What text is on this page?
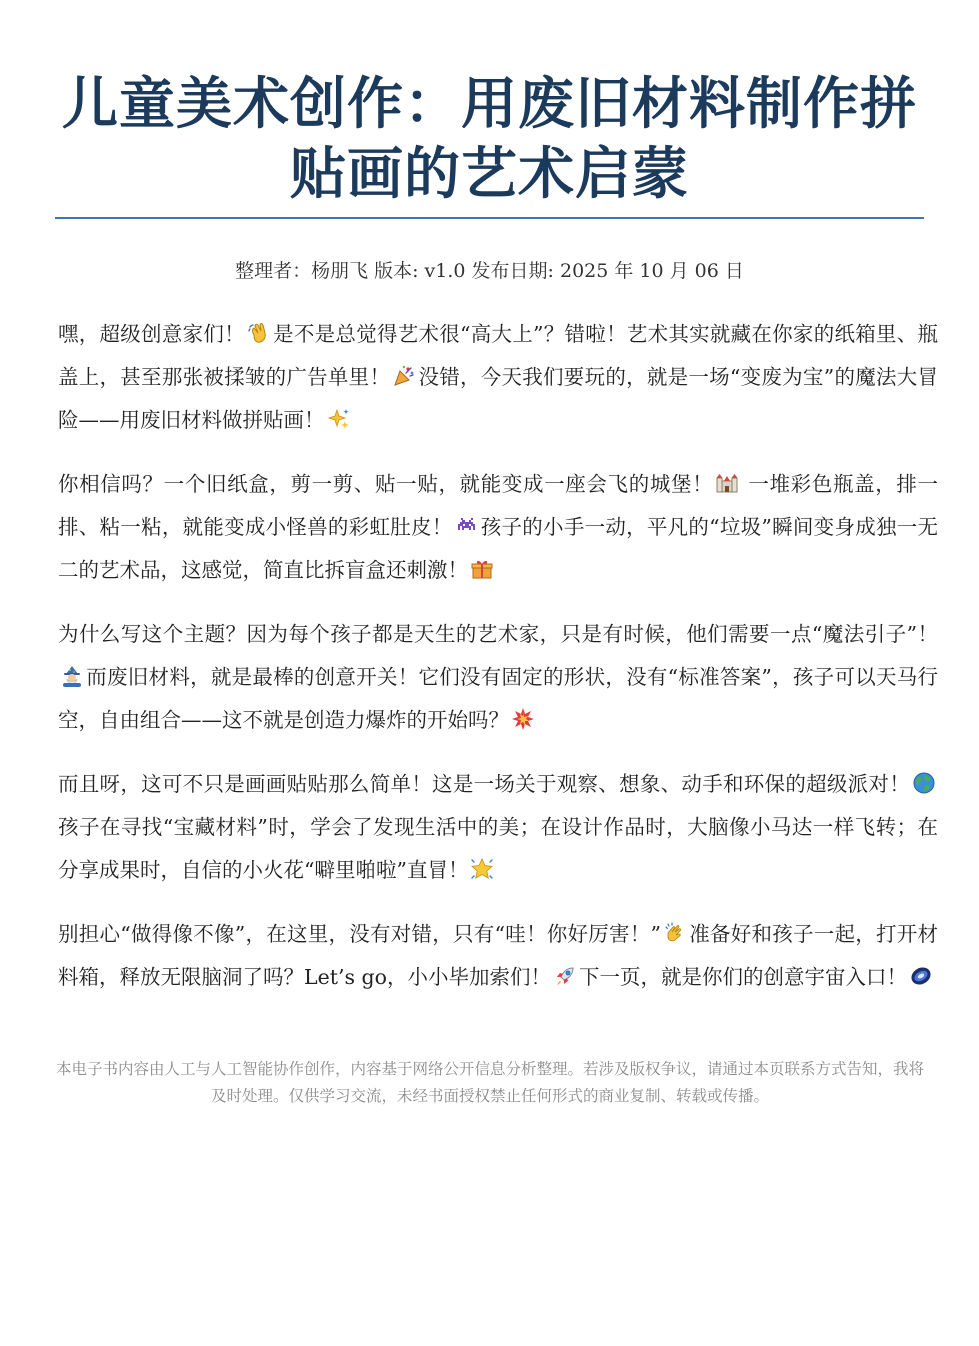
儿童美术创作：用废旧材料制作拼贴画的艺术启蒙
整理者：杨朋飞 版本: v1.0 发布日期: 2025 年 10 月 06 日

嘿，超级创意家们！ 是不是总觉得艺术很“高大上”？错啦！艺术其实就藏在你家的纸箱里、瓶盖上，甚至那张被揉皱的广告单里！ 没错，今天我们要玩的，就是一场“变废为宝”的魔法大冒险——用废旧材料做拼贴画！

你相信吗？一个旧纸盒，剪一剪、贴一贴，就能变成一座会飞的城堡！
一堆彩色瓶盖，排一排、粘一粘，就能变成小怪兽的彩虹肚皮！ 孩子的小手一动，平凡的“垃圾”瞬间变身成独一无二的艺术品，这感觉，简直比拆盲盒还刺激！

为什么写这个主题？因为每个孩子都是天生的艺术家，只是有时候，他们需要一点“魔法引子”！
而废旧材料，就是最棒的创意开关！它们没有固定的形状，没有“标准答案”，孩子可以天马行空，自由组合——这不就是创造力爆炸的开始吗？

而且呀，这可不只是画画贴贴那么简单！这是一场关于观察、想象、动手和环保的超级派对！
孩子在寻找“宝藏材料”时，学会了发现生活中的美；在设计作品时，大脑像小马达一样飞转；在分享成果时，自信的小火花“噼里啪啦”直冒！

别担心“做得像不像”，在这里，没有对错，只有“哇！你好厉害！” 准备好和孩子一起，打开材料箱，释放无限脑洞了吗？Let’s go，小小毕加索们！ 下一页，就是你们的创意宇宙入口！

本电子书内容由人工与人工智能协作创作，内容基于网络公开信息分析整理。若涉及版权争议，请通过本页联系方式告知，我将及时处理。仅供学习交流，未经书面授权禁止任何形式的商业复制、转载或传播。
